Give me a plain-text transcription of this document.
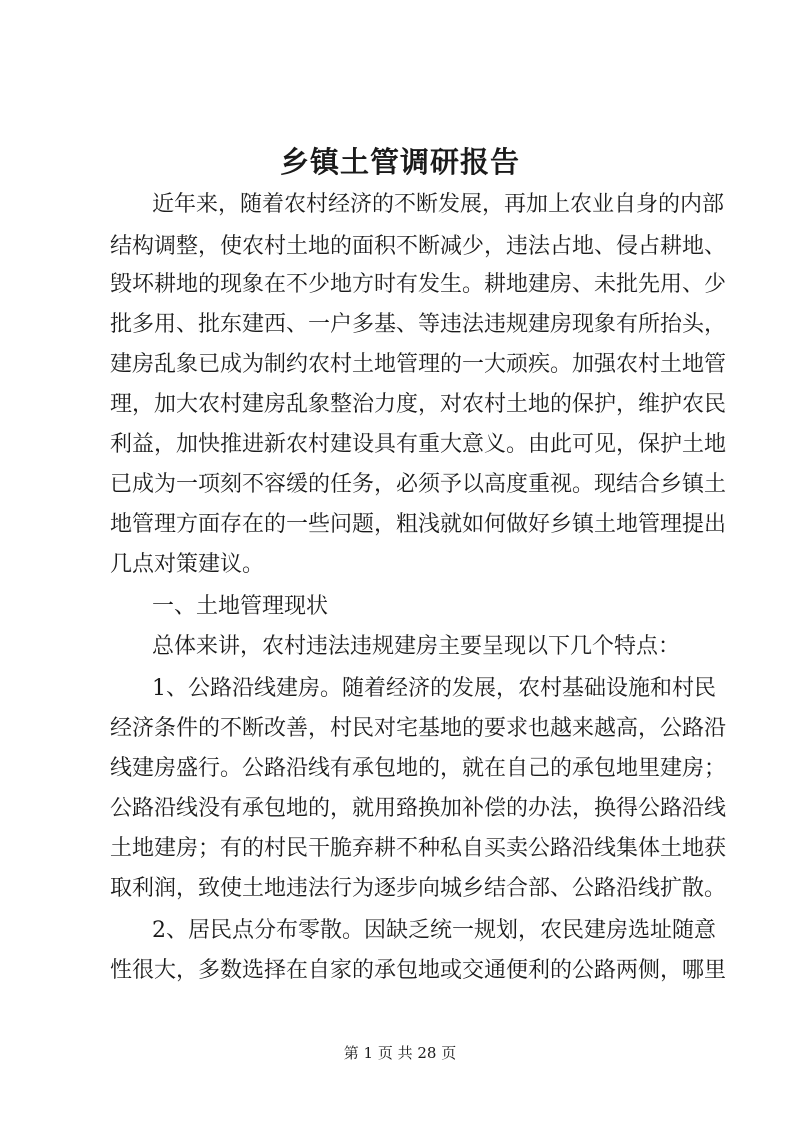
乡镇土管调研报告
近年来，随着农村经济的不断发展，再加上农业自身的内部
结构调整，使农村土地的面积不断减少，违法占地、侵占耕地、
毁坏耕地的现象在不少地方时有发生。耕地建房、未批先用、少
批多用、批东建西、一户多基、等违法违规建房现象有所抬头，
建房乱象已成为制约农村土地管理的一大顽疾。加强农村土地管
理，加大农村建房乱象整治力度，对农村土地的保护，维护农民
利益，加快推进新农村建设具有重大意义。由此可见，保护土地
已成为一项刻不容缓的任务，必须予以高度重视。现结合乡镇土
地管理方面存在的一些问题，粗浅就如何做好乡镇土地管理提出
几点对策建议。
一、土地管理现状
总体来讲，农村违法违规建房主要呈现以下几个特点：
1、公路沿线建房。随着经济的发展，农村基础设施和村民
经济条件的不断改善，村民对宅基地的要求也越来越高，公路沿
线建房盛行。公路沿线有承包地的，就在自己的承包地里建房；
公路沿线没有承包地的，就用臵换加补偿的办法，换得公路沿线
土地建房；有的村民干脆弃耕不种私自买卖公路沿线集体土地获
取利润，致使土地违法行为逐步向城乡结合部、公路沿线扩散。
2、居民点分布零散。因缺乏统一规划，农民建房选址随意
性很大，多数选择在自家的承包地或交通便利的公路两侧，哪里
第 1 页 共 28 页
